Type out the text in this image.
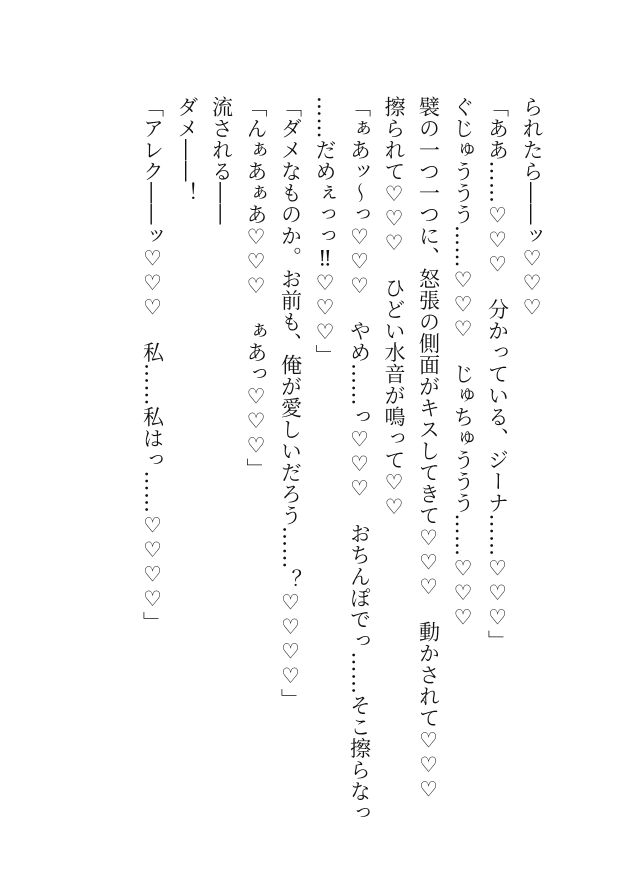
られたら――ッ♡♡♡

「ああ……♡♡♡　分かっている、ジーナ……♡♡♡」

ぐじゅううう……♡♡♡　じゅちゅううう……♡♡♡

襞の一つ一つに、怒張の側面がキスしてきて♡♡♡　動かされて♡♡♡

擦られて♡♡♡　ひどい水音が鳴って♡♡

「ぁあッ～っ♡♡♡　やめ……っ♡♡♡　おちんぽでっ……そこ擦らなっ

……だめぇっっ‼♡♡♡」

「ダメなものか。お前も、俺が愛しいだろう……？♡♡♡♡」

「んぁあぁあ♡♡♡　ぁあっ♡♡♡」

流される――

ダメ――！

「アレク――ッ♡♡♡　私……私はっ……♡♡♡♡」
